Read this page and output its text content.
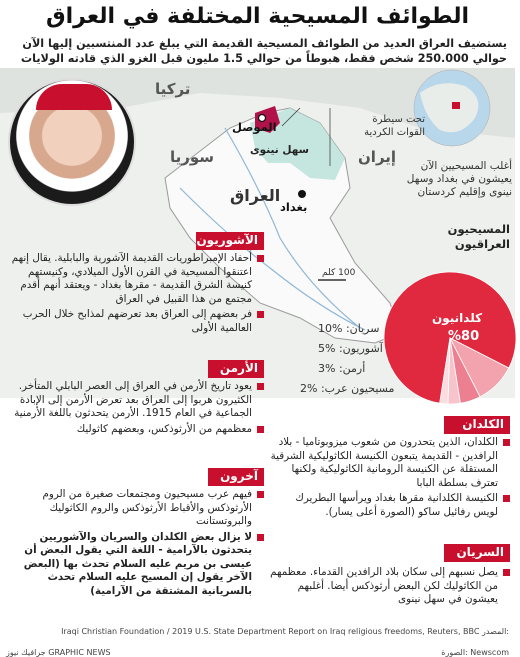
الطوائف المسيحية المختلفة في العراق
يستضيف العراق العديد من الطوائف المسيحية القديمة التي يبلغ عدد المنتسبين إليها الآن حوالي 250.000 شخص فقط، هبوطاً من حوالي 1.5 مليون قبل الغزو الذي قادته الولايات
تحت سيطرة القوات الكردية
تركيا
سوريا	إيران
العراق
الموصل
سهل نينوى
بغداد
أغلب المسيحيين الآن يعيشون في بغداد وسهل نينوى وإقليم كردستان
100 كلم
المسيحيون العراقيون
كلدانيون
%80
سريان: %10
آشوريون: %5
أرمن: %3
مسيحيون عرب: %2
الآشوريون
أحفاد الإمبراطوريات القديمة الآشورية والبابلية. يقال إنهم اعتنقوا المسيحية في القرن الأول الميلادي، وكنيستهم كنيسة الشرق القديمة - مقرها بغداد - ويعتقد أنهم أقدم مجتمع من هذا القبيل في العراق
فر بعضهم إلى العراق بعد تعرضهم لمذابح خلال الحرب العالمية الأولى
الأرمن
يعود تاريخ الأرمن في العراق إلى العصر البابلي المتأخر. الكثيرون هربوا إلى العراق بعد تعرض الأرمن إلى الإبادة الجماعية في العام 1915. الأرمن يتحدثون باللغة الأرمنية
معظمهم من الأرثوذكس، وبعضهم كاثوليك
آخرون
فيهم عرب مسيحيون ومجتمعات صغيرة من الروم الأرثوذكس والأقباط الأرثوذكس والروم الكاثوليك والبروتستانت
لا يزال بعض الكلدان والسريان والآشوريين يتحدثون بالآرامية - اللغة التي يقول البعض أن عيسى بن مريم عليه السلام تحدث بها (البعض الآخر يقول إن المسيح عليه السلام تحدث بالسريانية المشتقة من الآرامية)
الكلدان
الكلدان، الذين يتحدرون من شعوب ميزوبوتاميا - بلاد الرافدين - القديمة يتبعون الكنيسة الكاثوليكية الشرقية المستقلة عن الكنيسة الرومانية الكاثوليكية ولكنها تعترف بسلطة البابا
الكنيسة الكلدانية مقرها بغداد ويرأسها البطريرك لويس رفائيل ساكو (الصورة أعلى يسار).
السريان
يصل نسبهم إلى سكان بلاد الرافدين القدماء. معظمهم من الكاثوليك لكن البعض أرثوذكس أيضا. أغلبهم يعيشون في سهل نينوى
Iraqi Christian Foundation / 2019 U.S. State Department Report on Iraq religious freedoms, Reuters, BBC المصدر:
جرافيك نيوز GRAPHIC NEWS	Newscom :الصورة
